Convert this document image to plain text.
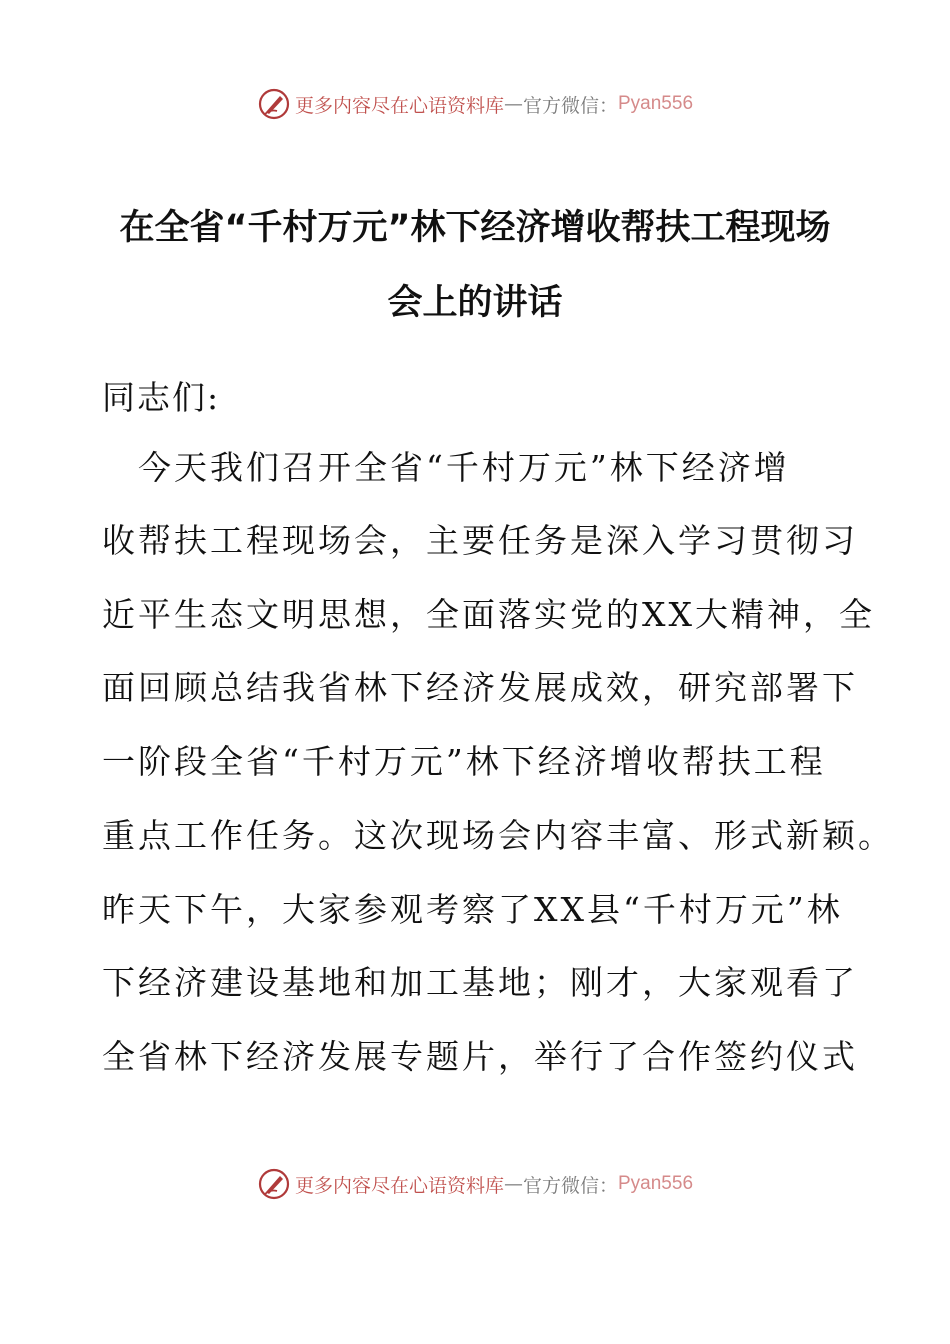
更多内容尽在心语资料库 — 官方微信： Pyan556
在全省“千村万元”林下经济增收帮扶工程现场
会上的讲话
同志们:
　今天我们召开全省“千村万元”林下经济增
收帮扶工程现场会，主要任务是深入学习贯彻习
近平生态文明思想，全面落实党的XX大精神，全
面回顾总结我省林下经济发展成效，研究部署下
一阶段全省“千村万元”林下经济增收帮扶工程
重点工作任务。这次现场会内容丰富、形式新颖。
昨天下午，大家参观考察了XX县“千村万元”林
下经济建设基地和加工基地；刚才，大家观看了
全省林下经济发展专题片，举行了合作签约仪式
更多内容尽在心语资料库 — 官方微信： Pyan556
